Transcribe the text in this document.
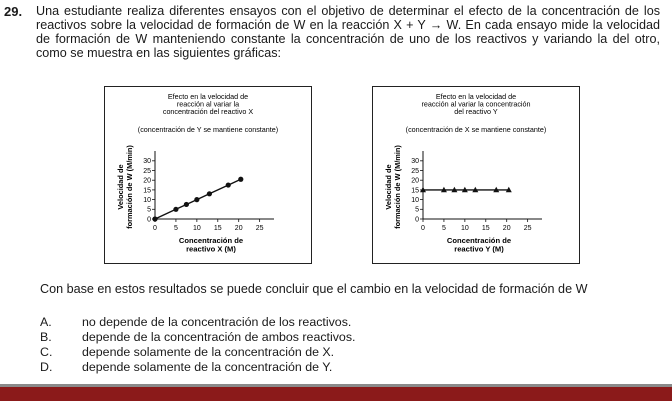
29. Una estudiante realiza diferentes ensayos con el objetivo de determinar el efecto de la concentración de los reactivos sobre la velocidad de formación de W en la reacción X + Y → W. En cada ensayo mide la velocidad de formación de W manteniendo constante la concentración de uno de los reactivos y variando la del otro, como se muestra en las siguientes gráficas:

Efecto en la velocidad de
reacción al variar la
concentración del reactivo X
(concentración de Y se mantiene constante)
0
5
10
15
20
25
30
0 5 10 15 20 25
Concentración de
reactivo X (M)
Velocidad de formación de W (M/min)
Efecto en la velocidad de
reacción al variar la concentración
del reactivo Y
(concentración de X se mantiene constante)
0
5
10
15
20
25
30
0 5 10 15 20 25
Concentración de
reactivo Y (M)
Velocidad de formación de W (M/min)
Con base en estos resultados se puede concluir que el cambio en la velocidad de formación de W
A.	no depende de la concentración de los reactivos.
B.	depende de la concentración de ambos reactivos.
C.	depende solamente de la concentración de X.
D.	depende solamente de la concentración de Y.
